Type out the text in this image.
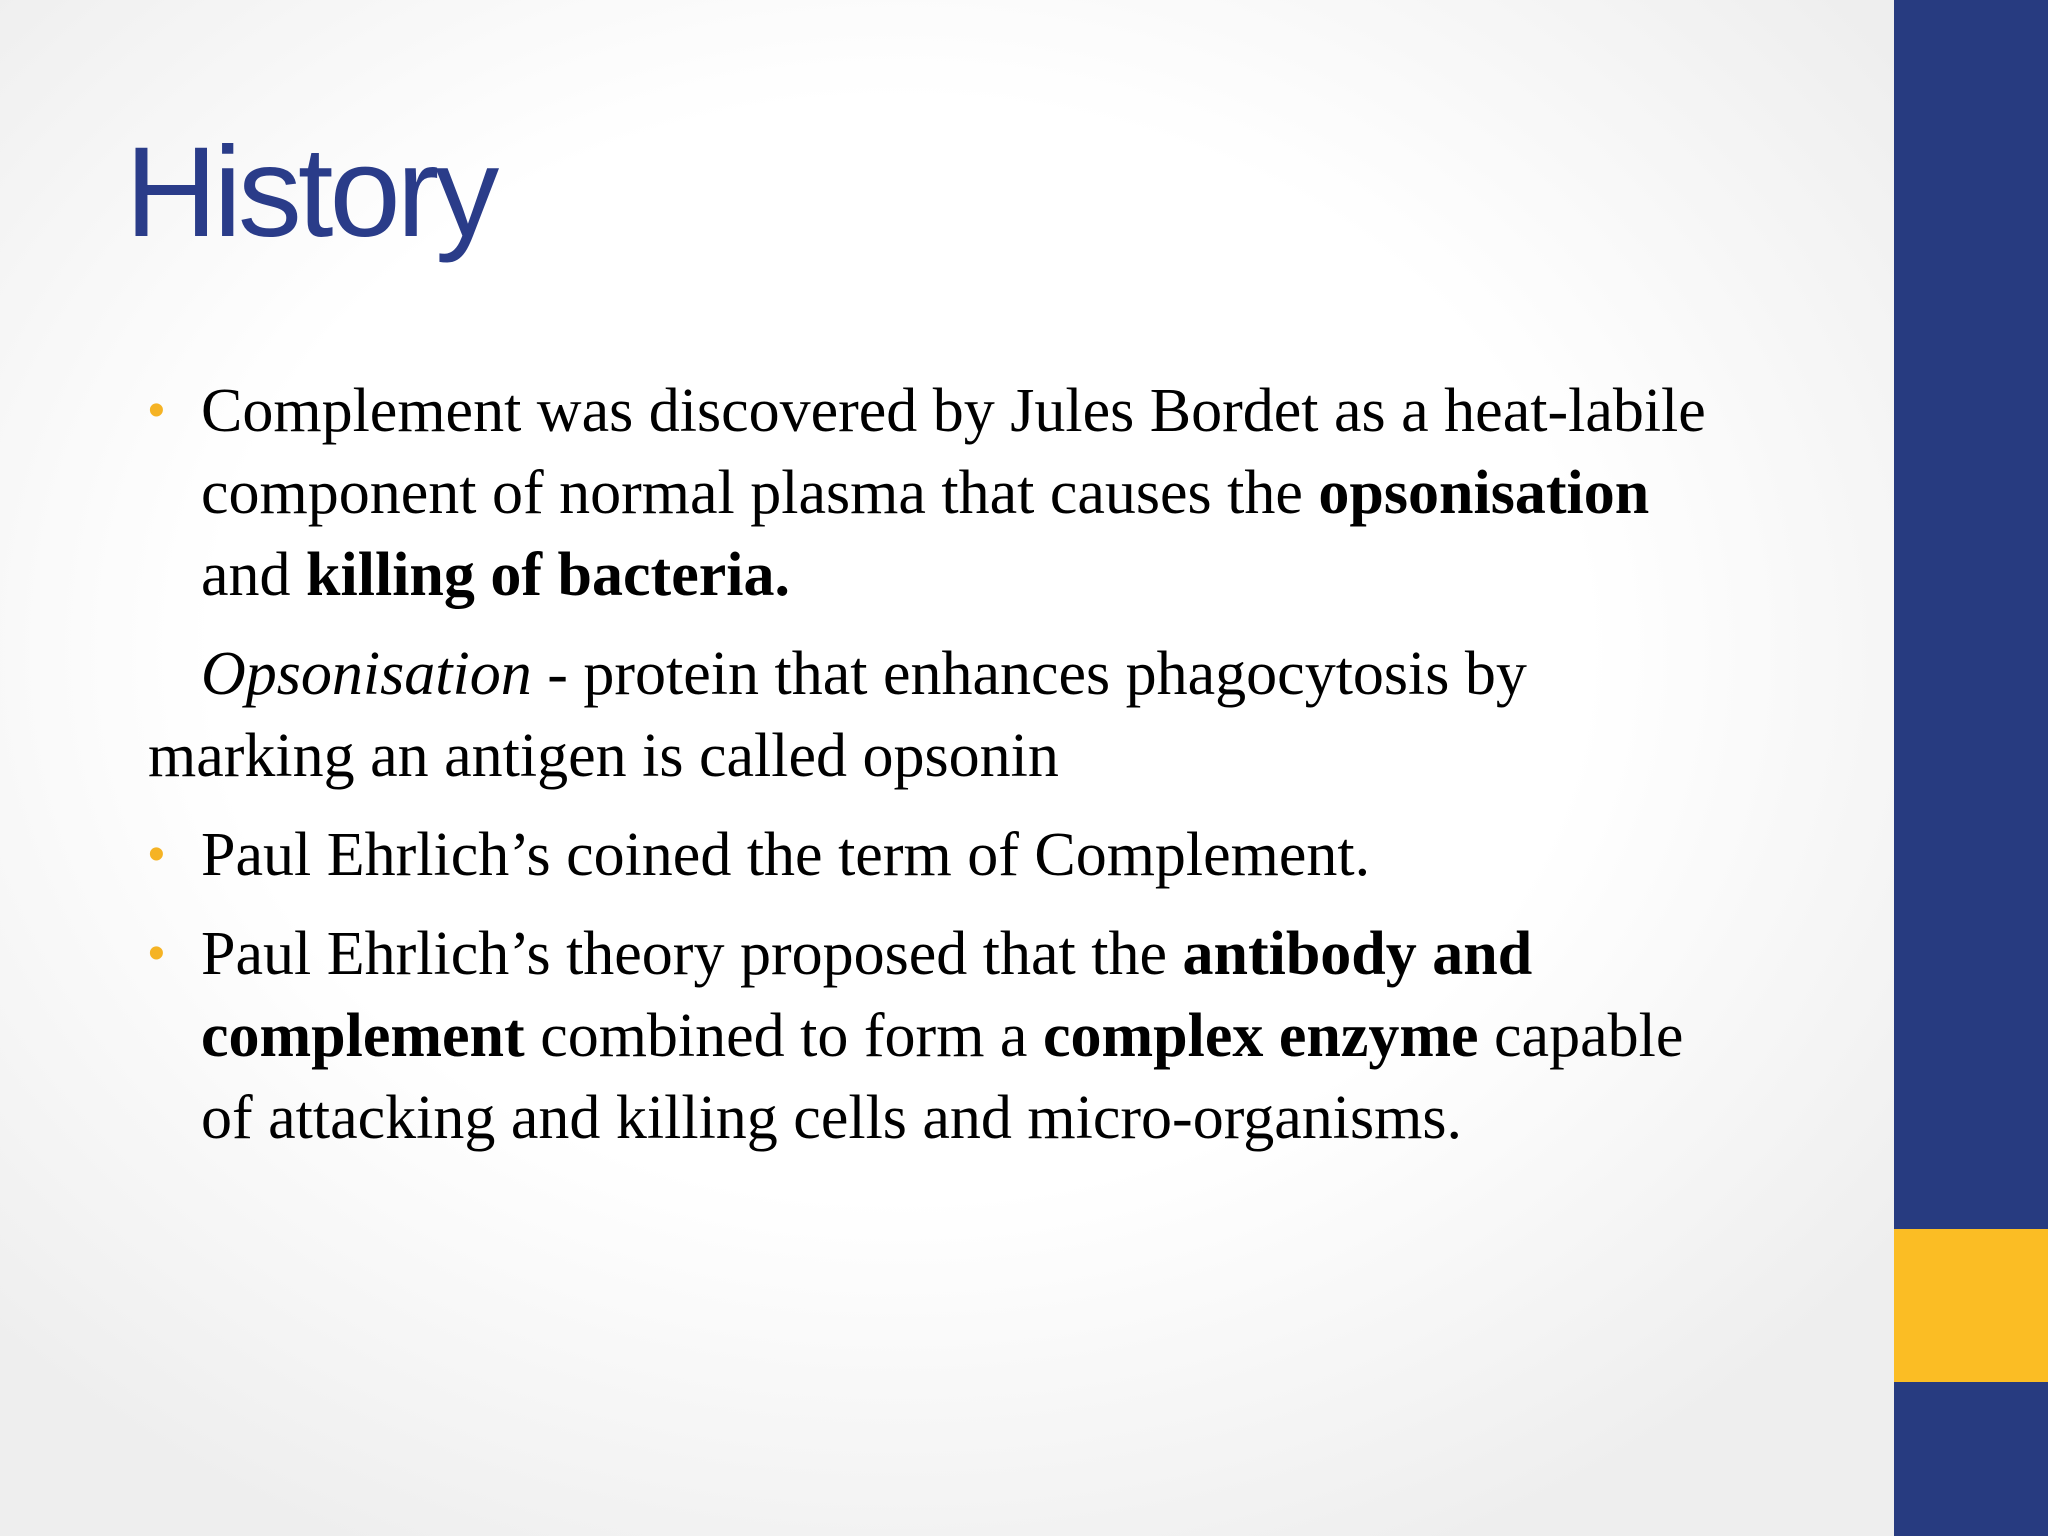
History

• Complement was discovered by Jules Bordet as a heat-labile component of normal plasma that causes the opsonisation and killing of bacteria.

Opsonisation - protein that enhances phagocytosis by marking an antigen is called opsonin

• Paul Ehrlich’s coined the term of Complement.

• Paul Ehrlich’s theory proposed that the antibody and complement combined to form a complex enzyme capable of attacking and killing cells and micro-organisms.
